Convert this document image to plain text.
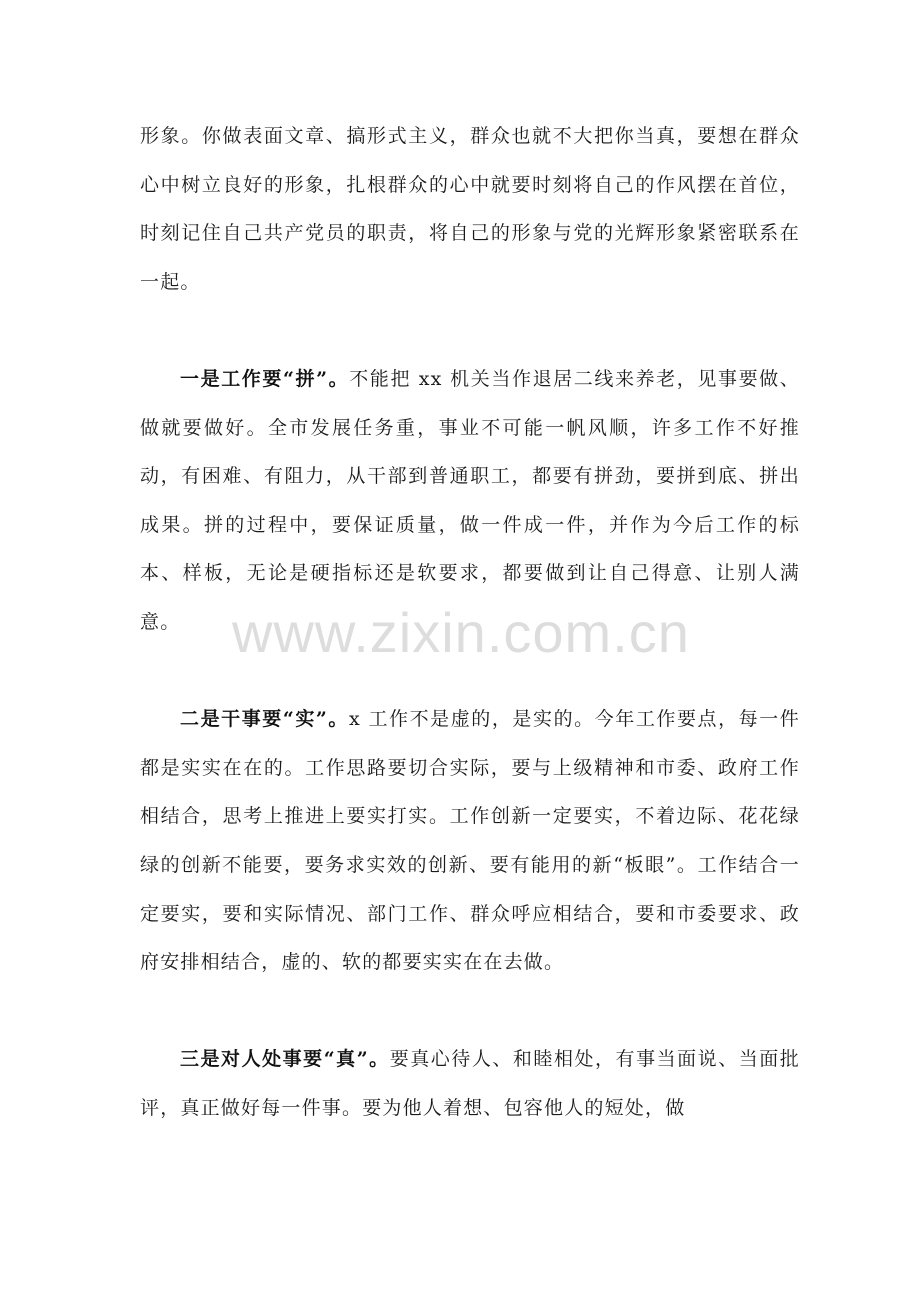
形象。你做表面文章、搞形式主义，群众也就不大把你当真，要想在群众心中树立良好的形象，扎根群众的心中就要时刻将自己的作风摆在首位，时刻记住自己共产党员的职责，将自己的形象与党的光辉形象紧密联系在一起。

一是工作要“拼”。不能把 xx 机关当作退居二线来养老，见事要做、做就要做好。全市发展任务重，事业不可能一帆风顺，许多工作不好推动，有困难、有阻力，从干部到普通职工，都要有拼劲，要拼到底、拼出成果。拼的过程中，要保证质量，做一件成一件，并作为今后工作的标本、样板，无论是硬指标还是软要求，都要做到让自己得意、让别人满意。

二是干事要“实”。x 工作不是虚的，是实的。今年工作要点，每一件都是实实在在的。工作思路要切合实际，要与上级精神和市委、政府工作相结合，思考上推进上要实打实。工作创新一定要实，不着边际、花花绿绿的创新不能要，要务求实效的创新、要有能用的新“板眼”。工作结合一定要实，要和实际情况、部门工作、群众呼应相结合，要和市委要求、政府安排相结合，虚的、软的都要实实在在去做。

三是对人处事要“真”。要真心待人、和睦相处，有事当面说、当面批评，真正做好每一件事。要为他人着想、包容他人的短处，做

www.zixin.com.cn
